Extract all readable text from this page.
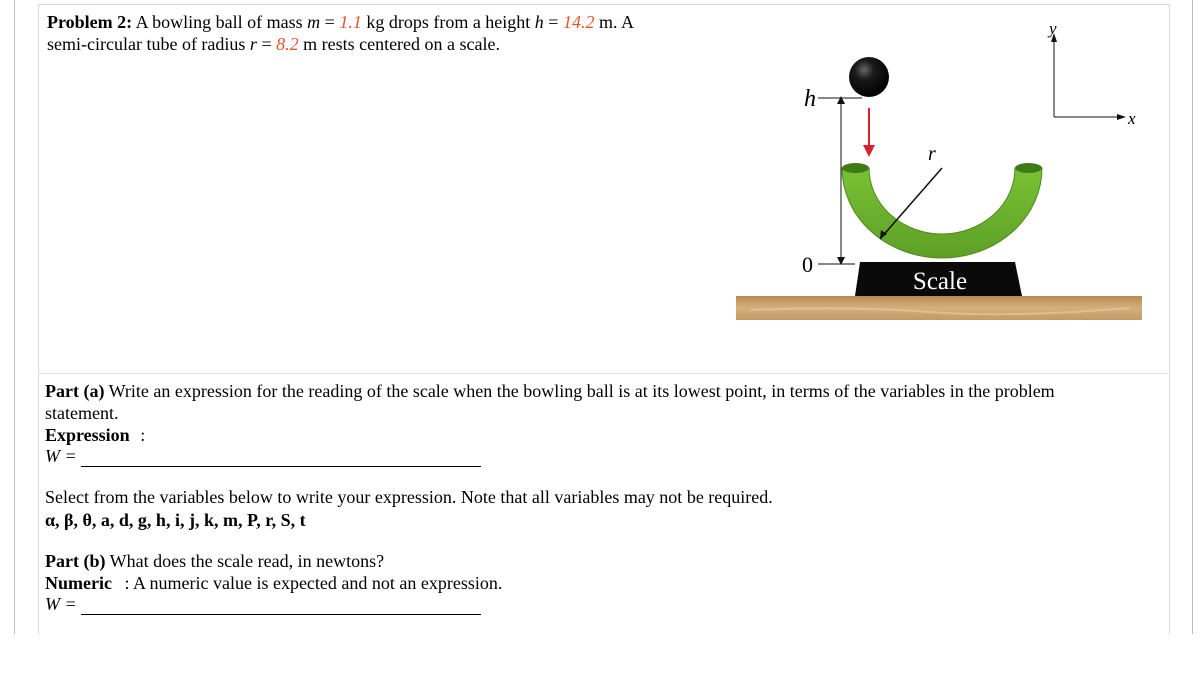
Problem 2: A bowling ball of mass m = 1.1 kg drops from a height h = 14.2 m. A
semi-circular tube of radius r = 8.2 m rests centered on a scale.
Scale
r
h
0
y
x
Part (a) Write an expression for the reading of the scale when the bowling ball is at its lowest point, in terms of the variables in the problem
statement.
Expression :
W =
Select from the variables below to write your expression. Note that all variables may not be required.
α, β, θ, a, d, g, h, i, j, k, m, P, r, S, t
Part (b) What does the scale read, in newtons?
Numeric : A numeric value is expected and not an expression.
W =
